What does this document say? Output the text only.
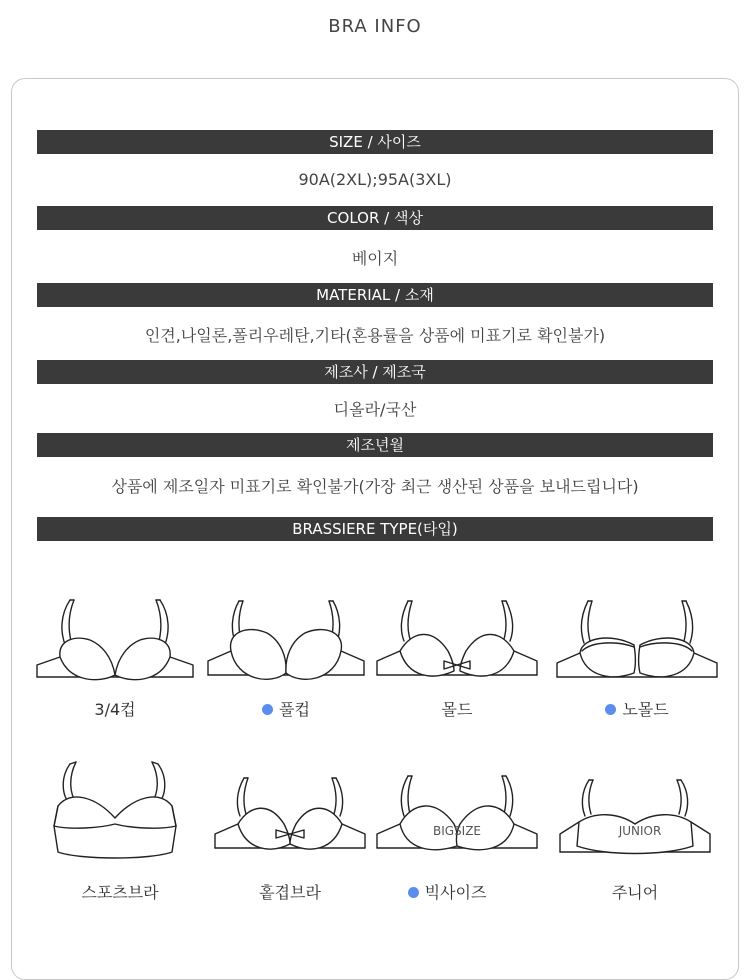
BRA INFO
SIZE / 사이즈
90A(2XL);95A(3XL)
COLOR / 색상
베이지
MATERIAL / 소재
인견,나일론,폴리우레탄,기타(혼용률을 상품에 미표기로 확인불가)
제조사 / 제조국
디올라/국산
제조년월
상품에 제조일자 미표기로 확인불가(가장 최근 생산된 상품을 보내드립니다)
BRASSIERE TYPE(타입)
3/4컵	풀컵	몰드	노몰드
BIGSIZE	JUNIOR
스포츠브라	홑겹브라	빅사이즈	주니어
